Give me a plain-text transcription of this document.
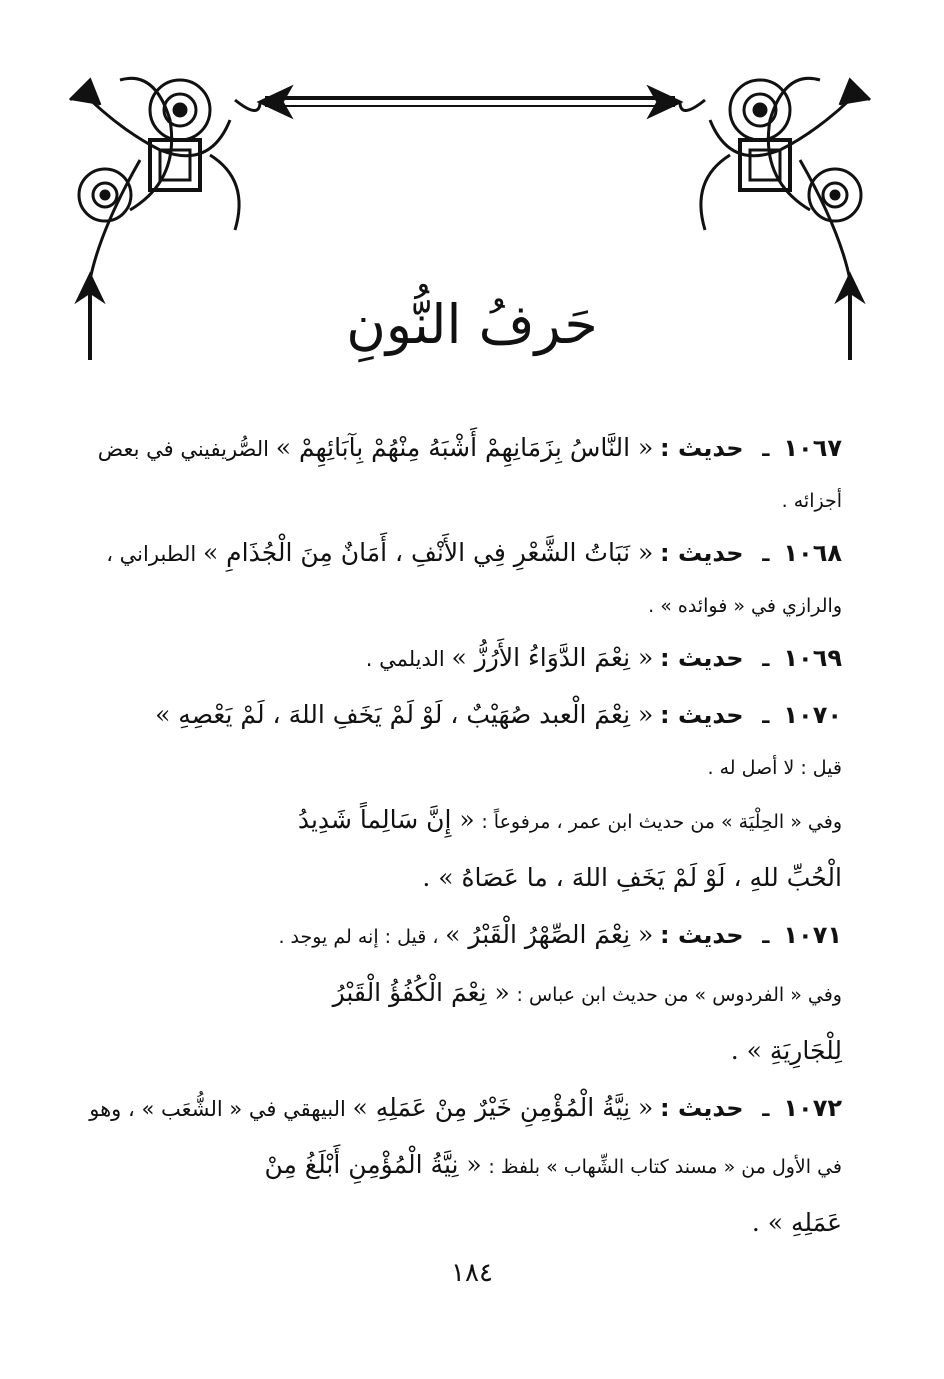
حَرفُ النُّونِ
١٠٦٧ـ حديث : « النَّاسُ بِزَمَانِهِمْ أَشْبَهُ مِنْهُمْ بِآبَائِهِمْ » الصُّريفيني في بعض
أجزائه .
١٠٦٨ـ حديث : « نَبَاتُ الشَّعْرِ فِي الأَنْفِ ، أَمَانٌ مِنَ الْجُذَامِ » الطبراني ،
والرازي في « فوائده » .
١٠٦٩ـ حديث : « نِعْمَ الدَّوَاءُ الأَرُزُّ » الديلمي .
١٠٧٠ـ حديث : « نِعْمَ الْعبد صُهَيْبٌ ، لَوْ لَمْ يَخَفِ اللهَ ، لَمْ يَعْصِهِ »
قيل : لا أصل له .
وفي « الحِلْيَة » من حديث ابن عمر ، مرفوعاً : « إِنَّ سَالِماً شَدِيدُ
الْحُبِّ للهِ ، لَوْ لَمْ يَخَفِ اللهَ ، ما عَصَاهُ » .
١٠٧١ـ حديث : « نِعْمَ الصِّهْرُ الْقَبْرُ » ، قيل : إنه لم يوجد .
وفي « الفردوس » من حديث ابن عباس : « نِعْمَ الْكُفُؤُ الْقَبْرُ
لِلْجَارِيَةِ » .
١٠٧٢ـ حديث : « نِيَّةُ الْمُؤْمِنِ خَيْرٌ مِنْ عَمَلِهِ » البيهقي في « الشُّعَب » ، وهو
في الأول من « مسند كتاب الشِّهاب » بلفظ : « نِيَّةُ الْمُؤْمِنِ أَبْلَغُ مِنْ
عَمَلِهِ » .
١٨٤
